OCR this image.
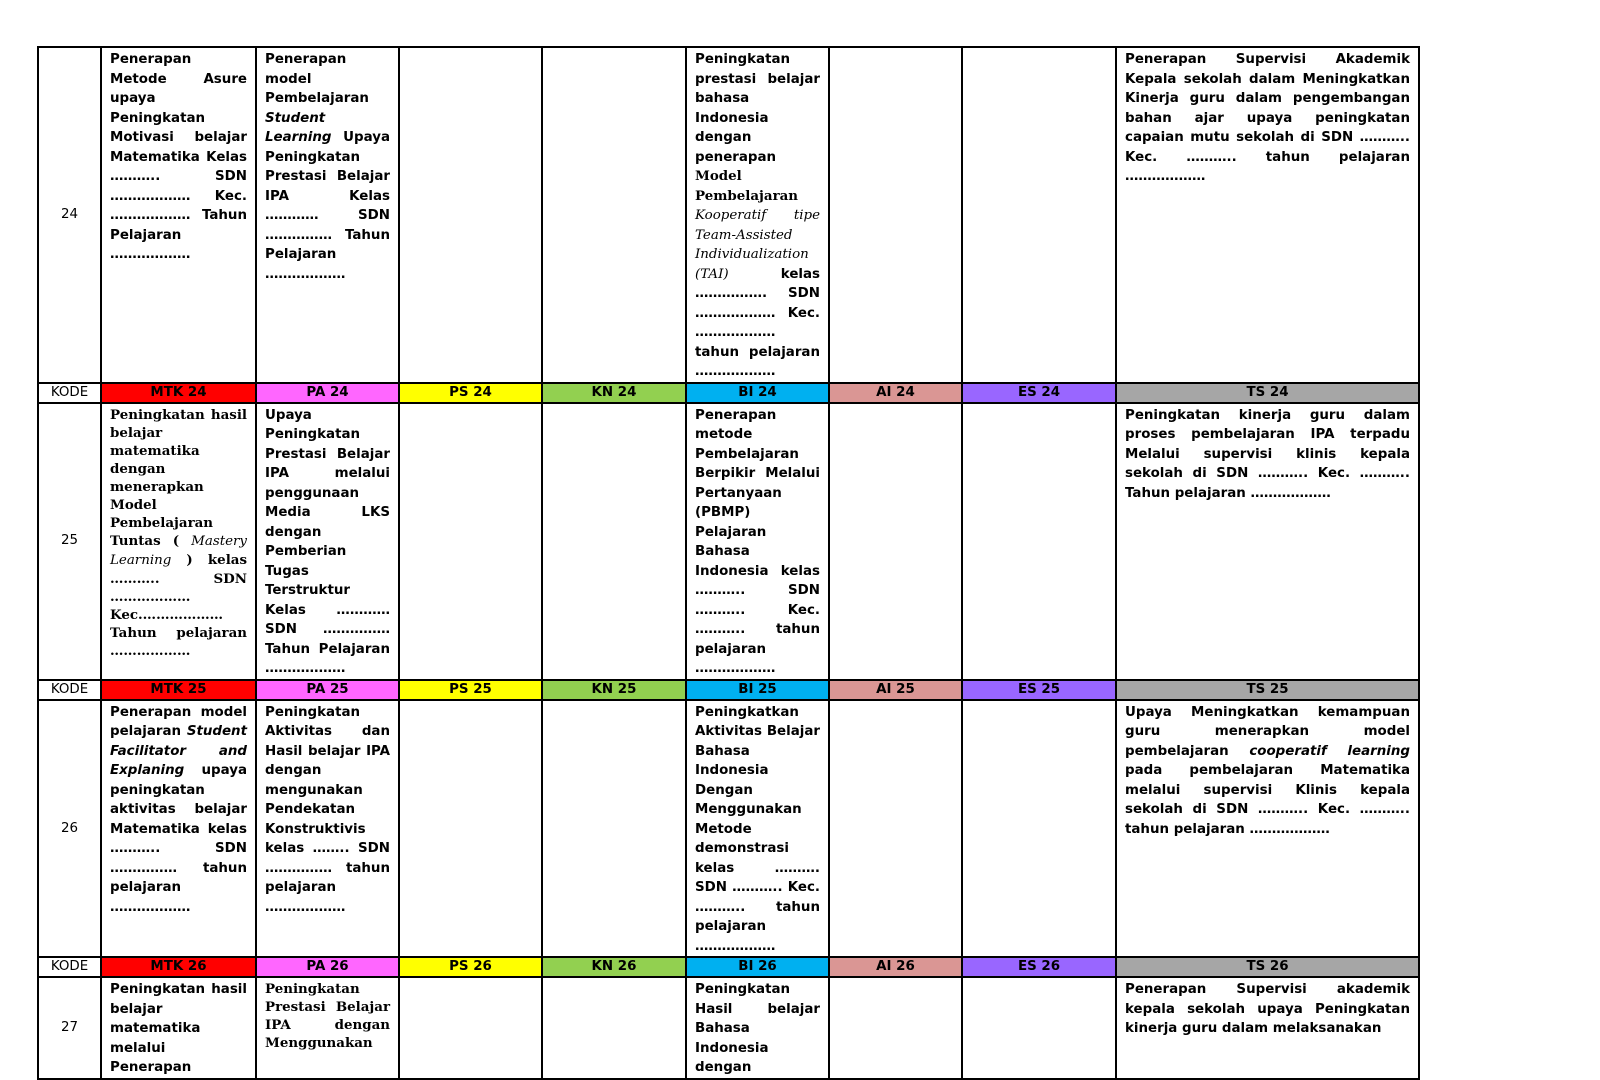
24	Penerapan Metode Asure upaya Peningkatan Motivasi belajar Matematika Kelas ……….. SDN ……………… Kec. ……………… Tahun Pelajaran ………………	Penerapan model Pembelajaran Student Learning Upaya Peningkatan Prestasi Belajar IPA Kelas ………… SDN …………… Tahun Pelajaran ………………			Peningkatan prestasi belajar bahasa Indonesia dengan penerapan Model Pembelajaran Kooperatif tipe Team-Assisted Individualization (TAI) kelas ……………. SDN ……………… Kec. ……………… tahun pelajaran ………………			Penerapan Supervisi Akademik Kepala sekolah dalam Meningkatkan Kinerja guru dalam pengembangan bahan ajar upaya peningkatan capaian mutu sekolah di SDN ……….. Kec. ……….. tahun pelajaran ………………
KODE	MTK 24	PA 24	PS 24	KN 24	BI 24	AI 24	ES 24	TS 24
25	Peningkatan hasil belajar matematika dengan menerapkan Model Pembelajaran Tuntas ( Mastery Learning ) kelas ……….. SDN ……………… Kec.……………… Tahun pelajaran ………………	Upaya Peningkatan Prestasi Belajar IPA melalui penggunaan Media LKS dengan Pemberian Tugas Terstruktur Kelas ………… SDN …………… Tahun Pelajaran ………………			Penerapan metode Pembelajaran Berpikir Melalui Pertanyaan (PBMP) Pelajaran Bahasa Indonesia kelas ……….. SDN ……….. Kec. ……….. tahun pelajaran ………………			Peningkatan kinerja guru dalam proses pembelajaran IPA terpadu Melalui supervisi klinis kepala sekolah di SDN ……….. Kec. ……….. Tahun pelajaran ………………
KODE	MTK 25	PA 25	PS 25	KN 25	BI 25	AI 25	ES 25	TS 25
26	Penerapan model pelajaran Student Facilitator and Explaning upaya peningkatan aktivitas belajar Matematika kelas ……….. SDN …………… tahun pelajaran ………………	Peningkatan Aktivitas dan Hasil belajar IPA dengan mengunakan Pendekatan Konstruktivis kelas …….. SDN …………… tahun pelajaran ………………			Peningkatkan Aktivitas Belajar Bahasa Indonesia Dengan Menggunakan Metode demonstrasi kelas ………. SDN ……….. Kec. ……….. tahun pelajaran ………………			Upaya Meningkatkan kemampuan guru menerapkan model pembelajaran cooperatif learning pada pembelajaran Matematika melalui supervisi Klinis kepala sekolah di SDN ……….. Kec. ……….. tahun pelajaran ………………
KODE	MTK 26	PA 26	PS 26	KN 26	BI 26	AI 26	ES 26	TS 26
27	Peningkatan hasil belajar matematika melalui Penerapan	Peningkatan Prestasi Belajar IPA dengan Menggunakan			Peningkatan Hasil belajar Bahasa Indonesia dengan			Penerapan Supervisi akademik kepala sekolah upaya Peningkatan kinerja guru dalam melaksanakan
